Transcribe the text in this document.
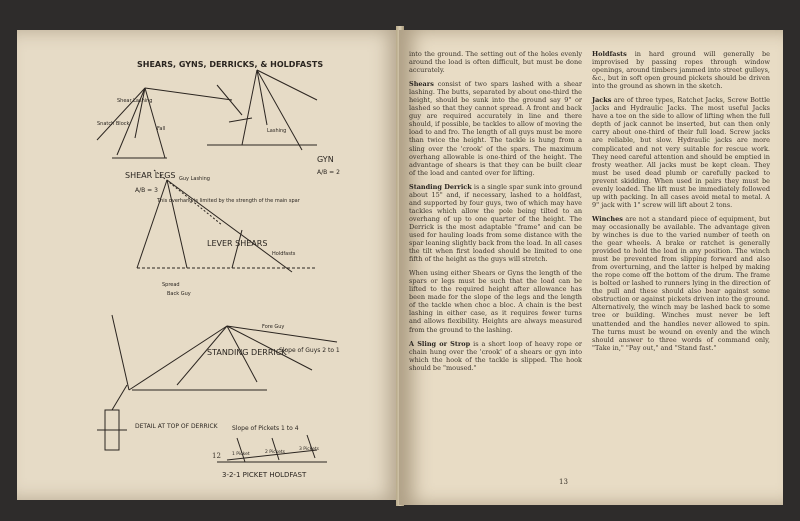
SHEARS, GYNS, DERRICKS, & HOLDFASTS
SHEAR LEGS
GYN
LEVER SHEARS
STANDING DERRICK
DETAIL AT TOP OF DERRICK
3-2-1 PICKET HOLDFAST
Slope of Pickets 1 to 4
A/B = 3
A/B = 2
Slope of Guys 2 to 1
Lashing
Back Guy
Fore Guy
Guy Lashing
Holdfasts
Snatch Block
Shear Lashing
Fall
Spread
1 Picket	2 Pickets
3 Pickets
This overhang is limited by the strength of the main spar
12

into the ground. The setting out of the holes evenly around the load is often difficult, but must be done accurately.

Shears consist of two spars lashed with a shear lashing. The butts, separated by about one-third the height, should be sunk into the ground say 9" or lashed so that they cannot spread. A front and back guy are required accurately in line and there should, if possible, be tackles to allow of moving the load to and fro. The length of all guys must be more than twice the height. The tackle is hung from a sling over the 'crook' of the spars. The maximum overhang allowable is one-third of the height. The advantage of shears is that they can be built clear of the load and canted over for lifting.

Standing Derrick is a single spar sunk into ground about 15" and, if necessary, lashed to a holdfast, and supported by four guys, two of which may have tackles which allow the pole being tilted to an overhang of up to one quarter of the height. The Derrick is the most adaptable "frame" and can be used for hauling loads from some distance with the spar leaning slightly back from the load. In all cases the tilt when first loaded should be limited to one fifth of the height as the guys will stretch.

When using either Shears or Gyns the length of the spars or legs must be such that the load can be lifted to the required height after allowance has been made for the slope of the legs and the length of the tackle when choc a bloc. A chain is the best lashing in either case, as it requires fewer turns and allows flexibility. Heights are always measured from the ground to the lashing.

A Sling or Strop is a short loop of heavy rope or chain hung over the 'crook' of a shears or gyn into which the hook of the tackle is slipped. The hook should be "moused."

Holdfasts in hard ground will generally be improvised by passing ropes through window openings, around timbers jammed into street gulleys, &c., but in soft open ground pickets should be driven into the ground as shown in the sketch.

Jacks are of three types, Ratchet Jacks, Screw Bottle Jacks and Hydraulic Jacks. The most useful Jacks have a toe on the side to allow of lifting when the full depth of jack cannot be inserted, but can then only carry about one-third of their full load. Screw jacks are reliable, but slow. Hydraulic jacks are more complicated and not very suitable for rescue work. They need careful attention and should be emptied in frosty weather. All jacks must be kept clean. They must be used dead plumb or carefully packed to prevent skidding. When used in pairs they must be evenly loaded. The lift must be immediately followed up with packing. In all cases avoid metal to metal. A 9" jack with 1" screw will lift about 2 tons.

Winches are not a standard piece of equipment, but may occasionally be available. The advantage given by winches is due to the varied number of teeth on the gear wheels. A brake or ratchet is generally provided to hold the load in any position. The winch must be prevented from slipping forward and also from overturning, and the latter is helped by making the rope come off the bottom of the drum. The frame is bolted or lashed to runners lying in the direction of the pull and these should also bear against some obstruction or against pickets driven into the ground. Alternatively, the winch may be lashed back to some tree or building. Winches must never be left unattended and the handles never allowed to spin. The turns must be wound on evenly and the winch should answer to three words of command only, "Take in," "Pay out," and "Stand fast."

13
